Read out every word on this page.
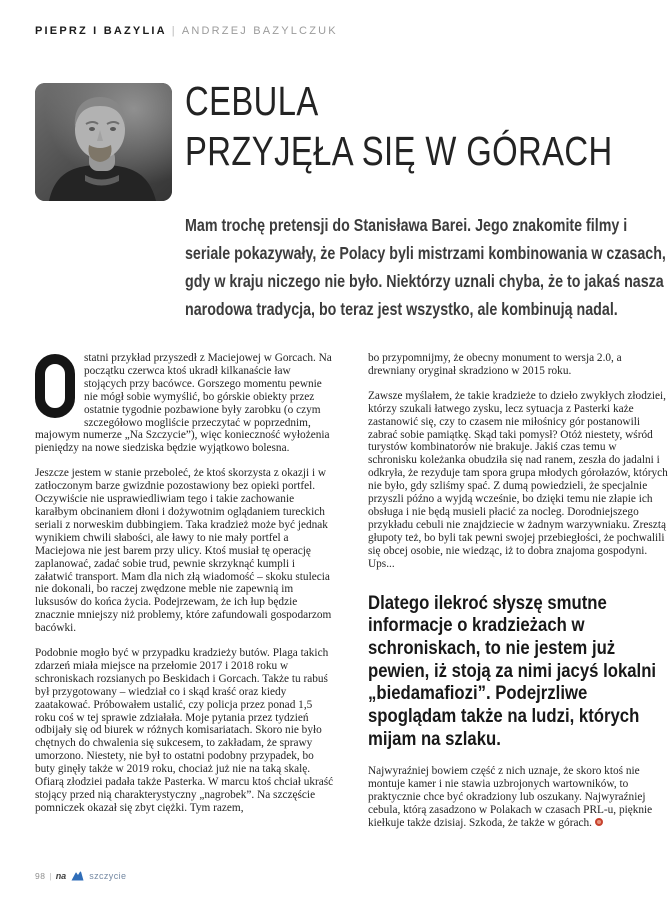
PIEPRZ I BAZYLIA | ANDRZEJ BAZYLCZUK
CEBULA
PRZYJĘŁA SIĘ W GÓRACH
Mam trochę pretensji do Stanisława Barei. Jego znakomite filmy i seriale pokazywały, że Polacy byli mistrzami kombinowania w czasach, gdy w kraju niczego nie było. Niektórzy uznali chyba, że to jakaś nasza narodowa tradycja, bo teraz jest wszystko, ale kombinują nadal.

statni przykład przyszedł z Maciejowej w Gorcach. Na początku czerwca ktoś ukradł kilkanaście ław stojących przy bacówce. Gorszego momentu pewnie nie mógł sobie wymyślić, bo górskie obiekty przez ostatnie tygodnie pozbawione były zarobku (o czym szczegółowo mogliście przeczytać w poprzednim, majowym numerze „Na Szczycie”), więc konieczność wyłożenia pieniędzy na nowe siedziska będzie wyjątkowo bolesna.

Jeszcze jestem w stanie przeboleć, że ktoś skorzysta z okazji i w zatłoczonym barze gwizdnie pozostawiony bez opieki portfel. Oczywiście nie usprawiedliwiam tego i takie zachowanie karałbym obcinaniem dłoni i dożywotnim oglądaniem tureckich seriali z norweskim dubbingiem. Taka kradzież może być jednak wynikiem chwili słabości, ale ławy to nie mały portfel a Maciejowa nie jest barem przy ulicy. Ktoś musiał tę operację zaplanować, zadać sobie trud, pewnie skrzyknąć kumpli i załatwić transport. Mam dla nich złą wiadomość – skoku stulecia nie dokonali, bo raczej zwędzone meble nie zapewnią im luksusów do końca życia. Podejrzewam, że ich łup będzie znacznie mniejszy niż problemy, które zafundowali gospodarzom bacówki.

Podobnie mogło być w przypadku kradzieży butów. Plaga takich zdarzeń miała miejsce na przełomie 2017 i 2018 roku w schroniskach rozsianych po Beskidach i Gorcach. Także tu rabuś był przygotowany – wiedział co i skąd kraść oraz kiedy zaatakować. Próbowałem ustalić, czy policja przez ponad 1,5 roku coś w tej sprawie zdziałała. Moje pytania przez tydzień odbijały się od biurek w różnych komisariatach. Skoro nie było chętnych do chwalenia się sukcesem, to zakładam, że sprawy umorzono. Niestety, nie był to ostatni podobny przypadek, bo buty ginęły także w 2019 roku, chociaż już nie na taką skalę. Ofiarą złodziei padała także Pasterka. W marcu ktoś chciał ukraść stojący przed nią charakterystyczny „nagrobek”. Na szczęście pomniczek okazał się zbyt ciężki. Tym razem,

bo przypomnijmy, że obecny monument to wersja 2.0, a drewniany oryginał skradziono w 2015 roku.

Zawsze myślałem, że takie kradzieże to dzieło zwykłych złodziei, którzy szukali łatwego zysku, lecz sytuacja z Pasterki każe zastanowić się, czy to czasem nie miłośnicy gór postanowili zabrać sobie pamiątkę. Skąd taki pomysł? Otóż niestety, wśród turystów kombinatorów nie brakuje. Jakiś czas temu w schronisku koleżanka obudziła się nad ranem, zeszła do jadalni i odkryła, że rezyduje tam spora grupa młodych górołazów, których nie było, gdy szliśmy spać. Z dumą powiedzieli, że specjalnie przyszli późno a wyjdą wcześnie, bo dzięki temu nie złapie ich obsługa i nie będą musieli płacić za nocleg. Dorodniejszego przykładu cebuli nie znajdziecie w żadnym warzywniaku. Zresztą głupoty też, bo byli tak pewni swojej przebiegłości, że pochwalili się obcej osobie, nie wiedząc, iż to dobra znajoma gospodyni. Ups...

Dlatego ilekroć słyszę smutne informacje o kradzieżach w schroniskach, to nie jestem już pewien, iż stoją za nimi jacyś lokalni „biedamafiozi”. Podejrzliwe spoglądam także na ludzi, których mijam na szlaku.

Najwyraźniej bowiem część z nich uznaje, że skoro ktoś nie montuje kamer i nie stawia uzbrojonych wartowników, to praktycznie chce być okradziony lub oszukany. Najwyraźniej cebula, którą zasadzono w Polakach w czasach PRL-u, pięknie kiełkuje także dzisiaj. Szkoda, że także w górach.

98 | na	szczycie
